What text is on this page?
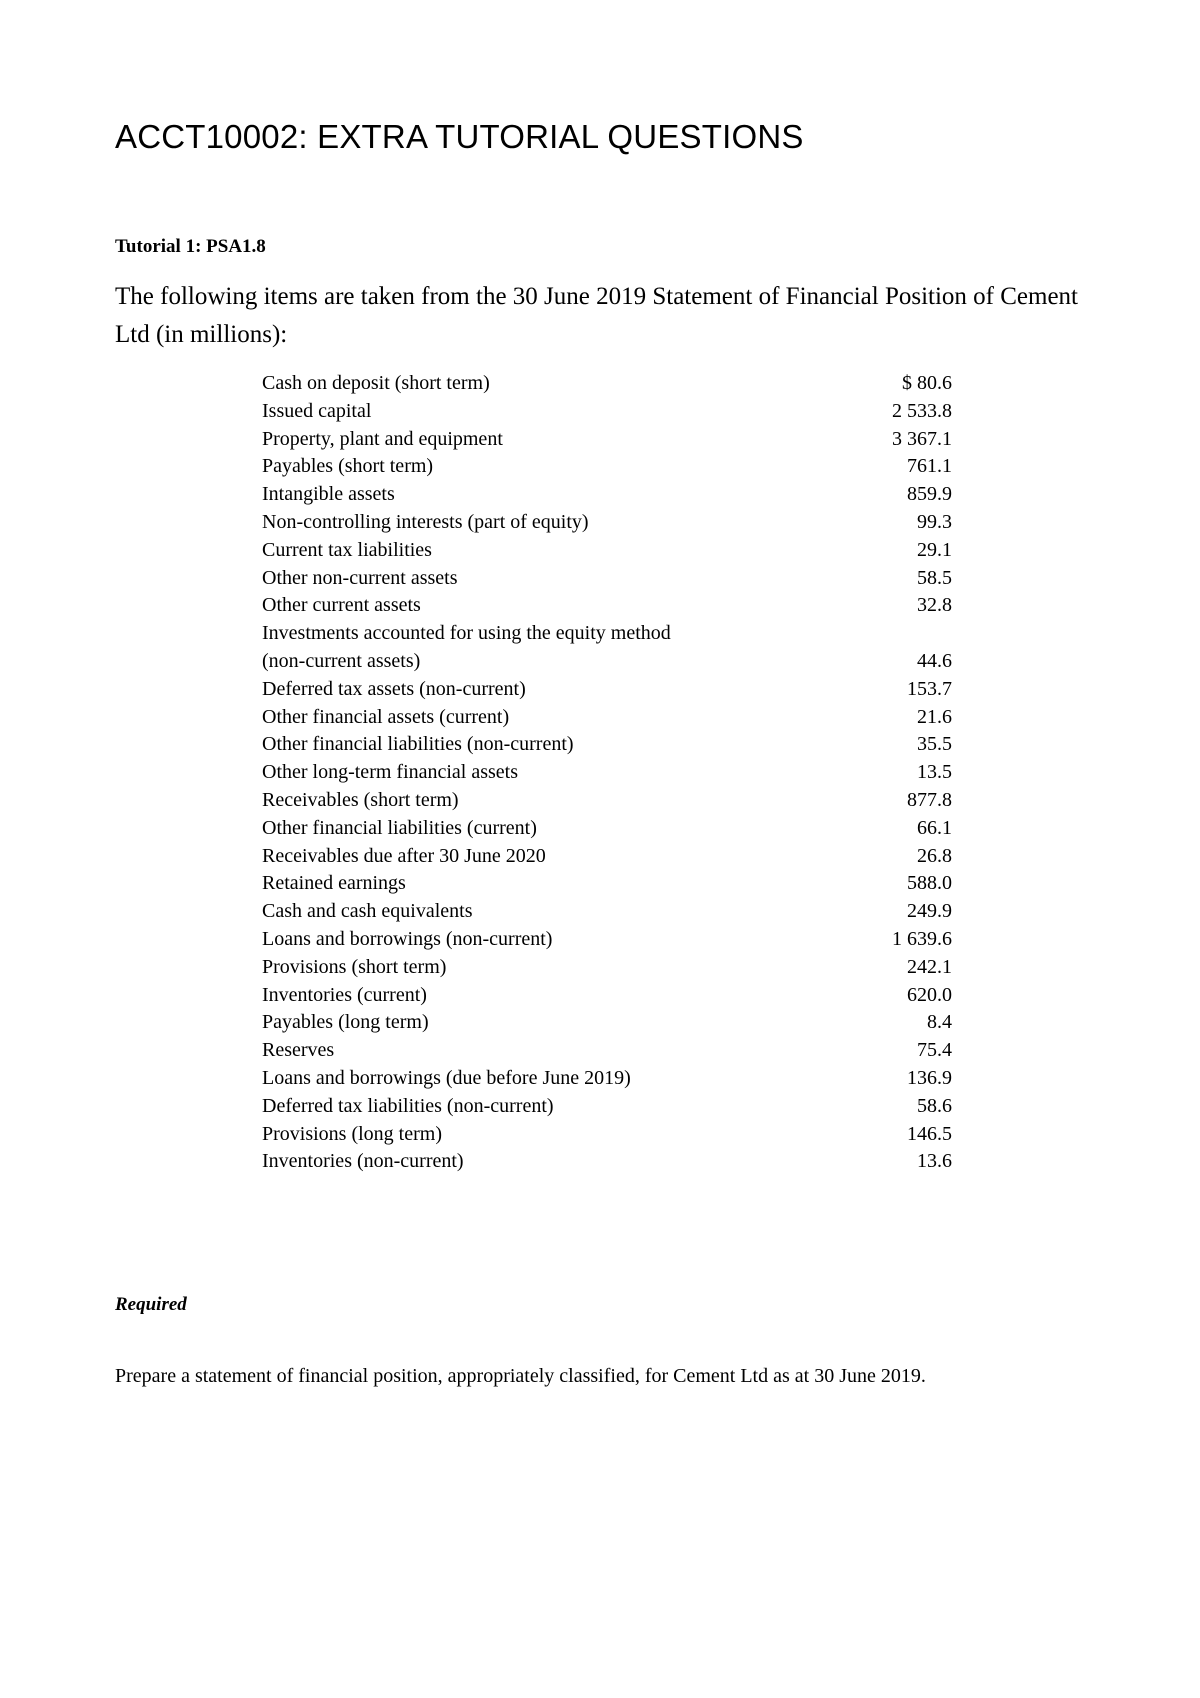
ACCT10002: EXTRA TUTORIAL QUESTIONS
Tutorial 1: PSA1.8

The following items are taken from the 30 June 2019 Statement of Financial Position of Cement Ltd (in millions):

Cash on deposit (short term)	$ 80.6
Issued capital	2 533.8
Property, plant and equipment	3 367.1
Payables (short term)	761.1
Intangible assets	859.9
Non-controlling interests (part of equity)	99.3
Current tax liabilities	29.1
Other non-current assets	58.5
Other current assets	32.8
Investments accounted for using the equity method	
(non-current assets)	44.6
Deferred tax assets (non-current)	153.7
Other financial assets (current)	21.6
Other financial liabilities (non-current)	35.5
Other long-term financial assets	13.5
Receivables (short term)	877.8
Other financial liabilities (current)	66.1
Receivables due after 30 June 2020	26.8
Retained earnings	588.0
Cash and cash equivalents	249.9
Loans and borrowings (non-current)	1 639.6
Provisions (short term)	242.1
Inventories (current)	620.0
Payables (long term)	8.4
Reserves	75.4
Loans and borrowings (due before June 2019)	136.9
Deferred tax liabilities (non-current)	58.6
Provisions (long term)	146.5
Inventories (non-current)	13.6
Required

Prepare a statement of financial position, appropriately classified, for Cement Ltd as at 30 June 2019.
